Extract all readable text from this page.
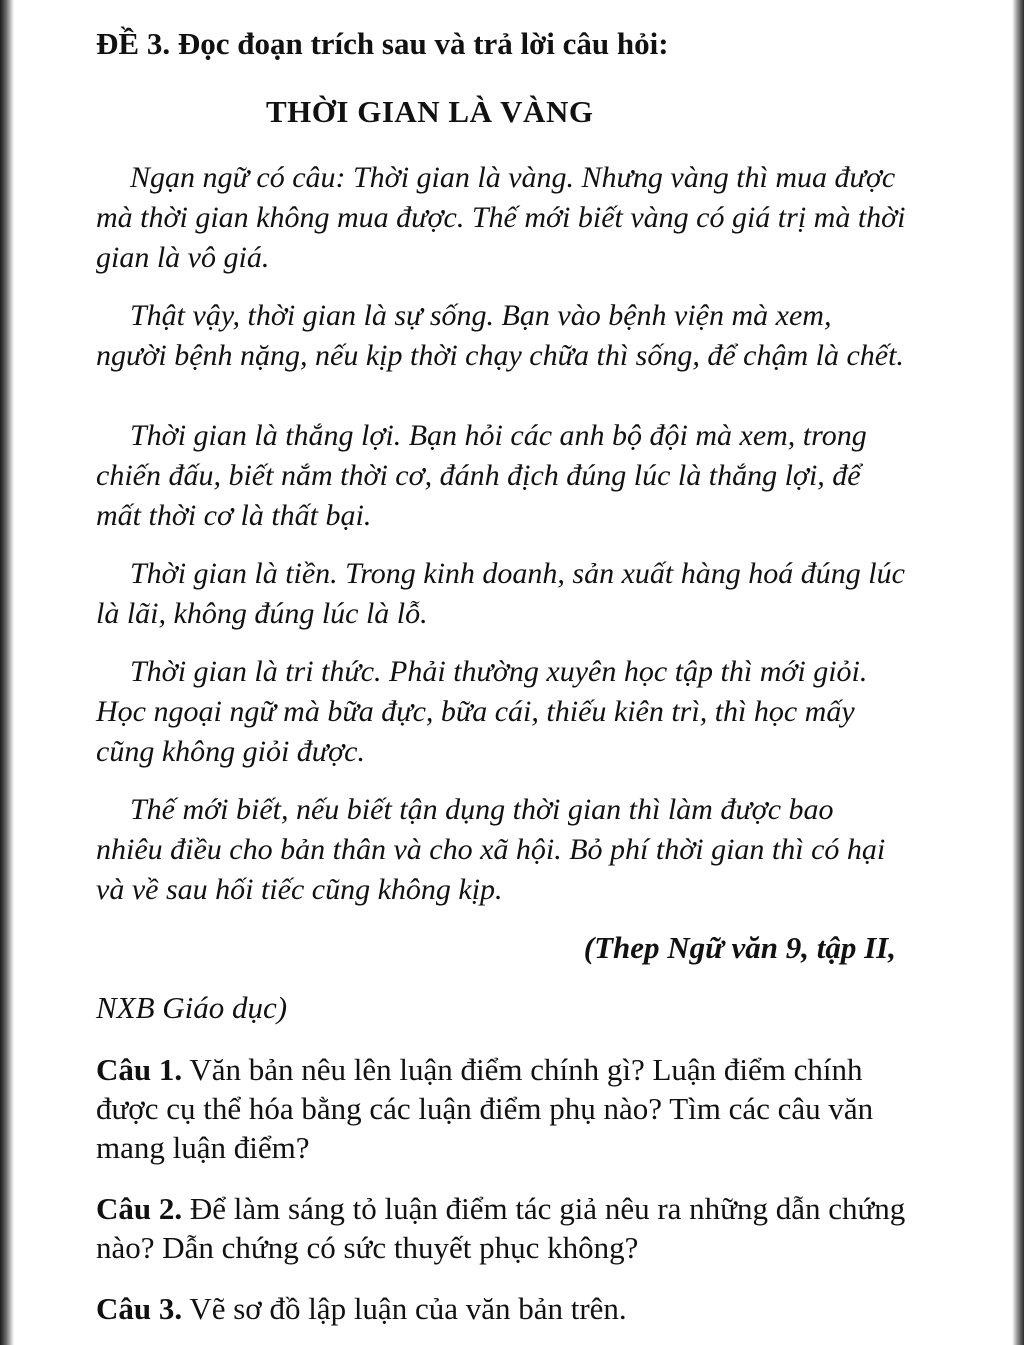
ĐỀ 3. Đọc đoạn trích sau và trả lời câu hỏi:
THỜI GIAN LÀ VÀNG

Ngạn ngữ có câu: Thời gian là vàng. Nhưng vàng thì mua được mà thời gian không mua được. Thế mới biết vàng có giá trị mà thời gian là vô giá.

Thật vậy, thời gian là sự sống. Bạn vào bệnh viện mà xem, người bệnh nặng, nếu kịp thời chạy chữa thì sống, để chậm là chết.

Thời gian là thắng lợi. Bạn hỏi các anh bộ đội mà xem, trong chiến đấu, biết nắm thời cơ, đánh địch đúng lúc là thắng lợi, để mất thời cơ là thất bại.

Thời gian là tiền. Trong kinh doanh, sản xuất hàng hoá đúng lúc là lãi, không đúng lúc là lỗ.

Thời gian là tri thức. Phải thường xuyên học tập thì mới giỏi. Học ngoại ngữ mà bữa đực, bữa cái, thiếu kiên trì, thì học mấy cũng không giỏi được.

Thế mới biết, nếu biết tận dụng thời gian thì làm được bao nhiêu điều cho bản thân và cho xã hội. Bỏ phí thời gian thì có hại và về sau hối tiếc cũng không kịp.

(Thep Ngữ văn 9, tập II,
NXB Giáo dục)

Câu 1. Văn bản nêu lên luận điểm chính gì? Luận điểm chính được cụ thể hóa bằng các luận điểm phụ nào? Tìm các câu văn mang luận điểm?

Câu 2. Để làm sáng tỏ luận điểm tác giả nêu ra những dẫn chứng nào? Dẫn chứng có sức thuyết phục không?

Câu 3. Vẽ sơ đồ lập luận của văn bản trên.
